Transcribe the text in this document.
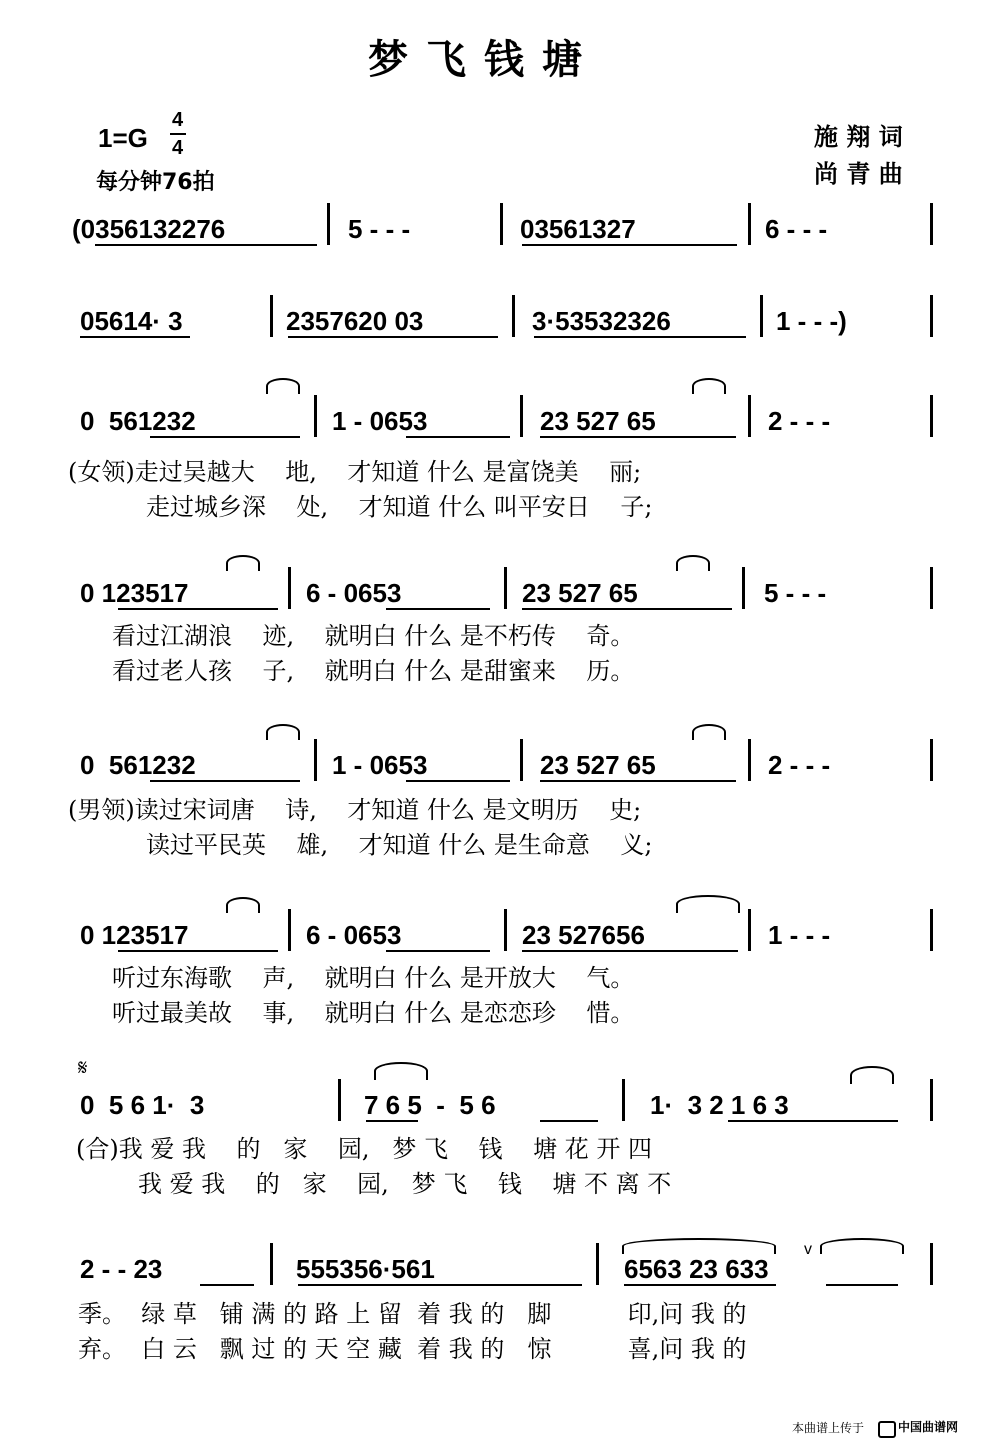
梦飞钱塘
1=G
4
4
每分钟76拍
施 翔 词
尚 青 曲
(0356132276	5 - - -	03561327	6 - - -
05614· 3	2357620 03	3·53532326	1 - - -)
0  561232	1 - 0653	23 527 65	2 - - -
(女领)走过吴越大    地,    才知道 什么 是富饶美    丽;
走过城乡深    处,    才知道 什么 叫平安日    子;
0 123517	6 - 0653	23 527 65	5 - - -
看过江湖浪    迹,    就明白 什么 是不朽传    奇。
看过老人孩    子,    就明白 什么 是甜蜜来    历。
0  561232	1 - 0653	23 527 65	2 - - -
(男领)读过宋词唐    诗,    才知道 什么 是文明历    史;
读过平民英    雄,    才知道 什么 是生命意    义;
0 123517	6 - 0653	23 527656	1 - - -
听过东海歌    声,    就明白 什么 是开放大    气。
听过最美故    事,    就明白 什么 是恋恋珍    惜。
𝄋
0  5 6 1·  3	7 6 5  -  5 6	1·  3 2 1 6 3
(合)我 爱 我    的   家    园,   梦 飞    钱    塘 花 开 四
我 爱 我    的   家    园,   梦 飞    钱    塘 不 离 不
2 - - 23	555356·561	6563 23 633
v
季。  绿 草   铺 满 的 路 上 留  着 我 的   脚          印,问 我 的
弃。  白 云   飘 过 的 天 空 藏  着 我 的   惊          喜,问 我 的
本曲谱上传于	中国曲谱网
